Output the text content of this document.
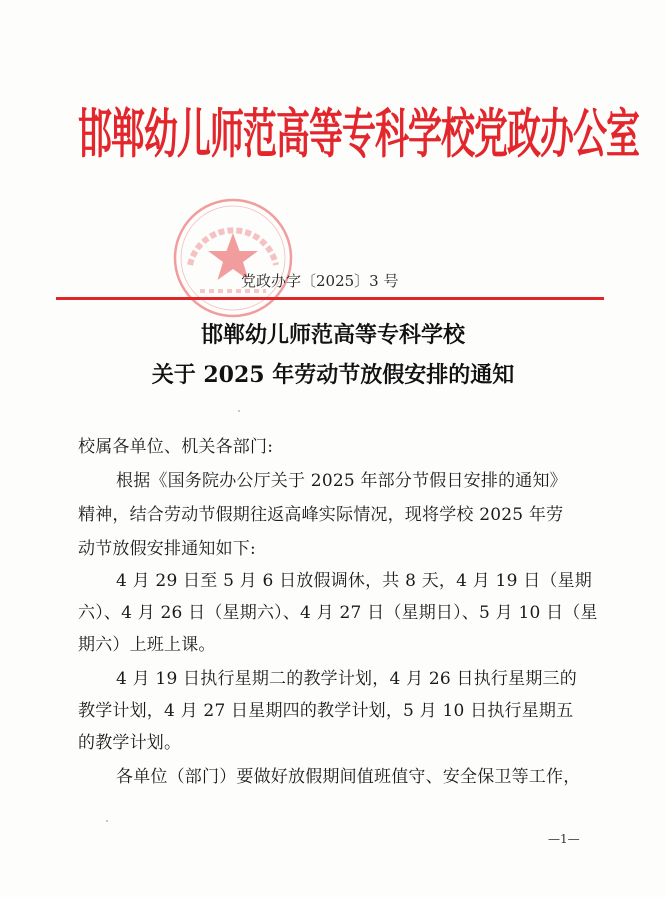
邯郸幼儿师范高等专科学校党政办公室
党政办字〔2025〕3 号
邯郸幼儿师范高等专科学校
关于 2025 年劳动节放假安排的通知
校属各单位、机关各部门:
根据《国务院办公厅关于 2025 年部分节假日安排的通知》
精神，结合劳动节假期往返高峰实际情况，现将学校 2025 年劳
动节放假安排通知如下:
4 月 29 日至 5 月 6 日放假调休，共 8 天，4 月 19 日（星期
六）、4 月 26 日（星期六）、4 月 27 日（星期日）、5 月 10 日（星
期六）上班上课。
4 月 19 日执行星期二的教学计划，4 月 26 日执行星期三的
教学计划，4 月 27 日星期四的教学计划，5 月 10 日执行星期五
的教学计划。
各单位（部门）要做好放假期间值班值守、安全保卫等工作，
—1—
